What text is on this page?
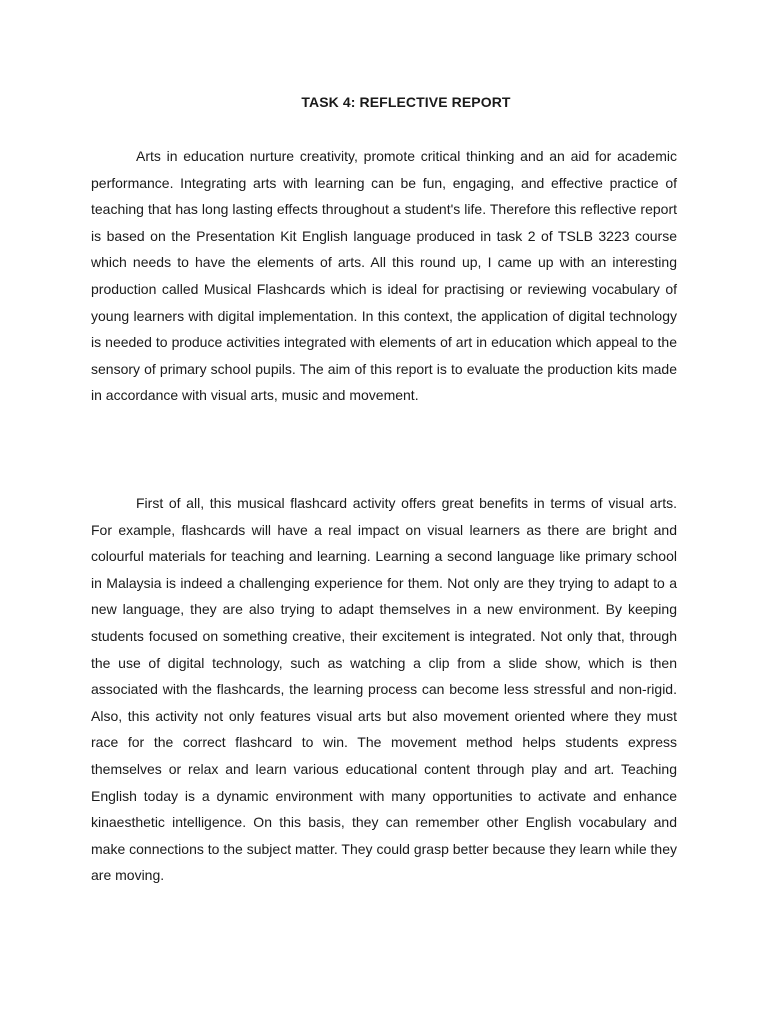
TASK 4: REFLECTIVE REPORT

Arts in education nurture creativity, promote critical thinking and an aid for academic performance. Integrating arts with learning can be fun, engaging, and effective practice of teaching that has long lasting effects throughout a student's life. Therefore this reflective report is based on the Presentation Kit English language produced in task 2 of TSLB 3223 course which needs to have the elements of arts. All this round up, I came up with an interesting production called Musical Flashcards which is ideal for practising or reviewing vocabulary of young learners with digital implementation. In this context, the application of digital technology is needed to produce activities integrated with elements of art in education which appeal to the sensory of primary school pupils. The aim of this report is to evaluate the production kits made in accordance with visual arts, music and movement.

First of all, this musical flashcard activity offers great benefits in terms of visual arts. For example, flashcards will have a real impact on visual learners as there are bright and colourful materials for teaching and learning. Learning a second language like primary school in Malaysia is indeed a challenging experience for them. Not only are they trying to adapt to a new language, they are also trying to adapt themselves in a new environment. By keeping students focused on something creative, their excitement is integrated. Not only that, through the use of digital technology, such as watching a clip from a slide show, which is then associated with the flashcards, the learning process can become less stressful and non-rigid. Also, this activity not only features visual arts but also movement oriented where they must race for the correct flashcard to win. The movement method helps students express themselves or relax and learn various educational content through play and art. Teaching English today is a dynamic environment with many opportunities to activate and enhance kinaesthetic intelligence. On this basis, they can remember other English vocabulary and make connections to the subject matter. They could grasp better because they learn while they are moving.
